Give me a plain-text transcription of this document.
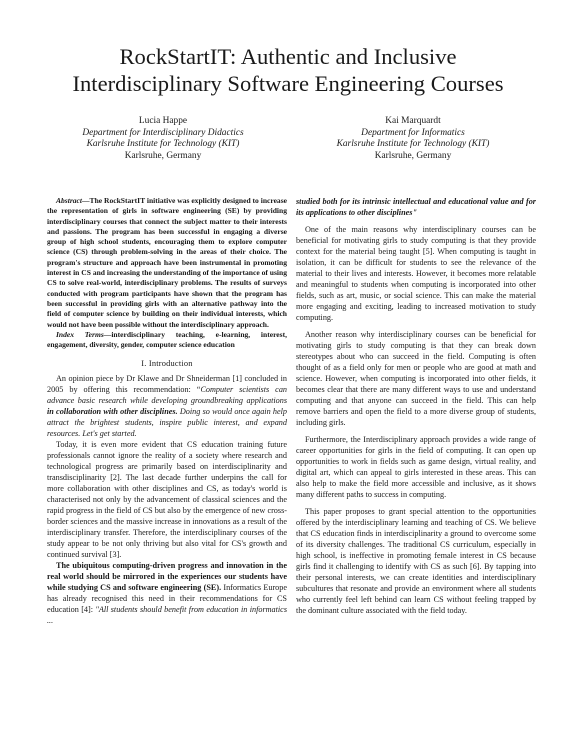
RockStartIT: Authentic and Inclusive
Interdisciplinary Software Engineering Courses
Lucia Happe
Department for Interdisciplinary Didactics
Karlsruhe Institute for Technology (KIT)
Karlsruhe, Germany
Kai Marquardt
Department for Informatics
Karlsruhe Institute for Technology (KIT)
Karlsruhe, Germany

Abstract—The RockStartIT initiative was explicitly designed to increase the representation of girls in software engineering (SE) by providing interdisciplinary courses that connect the subject matter to their interests and passions. The program has been successful in engaging a diverse group of high school students, encouraging them to explore computer science (CS) through problem-solving in the areas of their choice. The program's structure and approach have been instrumental in promoting interest in CS and increasing the understanding of the importance of using CS to solve real-world, interdisciplinary problems. The results of surveys conducted with program participants have shown that the program has been successful in providing girls with an alternative pathway into the field of computer science by building on their individual interests, which would not have been possible without the interdisciplinary approach.

Index Terms—interdisciplinary teaching, e-learning, interest, engagement, diversity, gender, computer science education

I. Introduction

An opinion piece by Dr Klawe and Dr Shneiderman [1] concluded in 2005 by offering this recommendation: “Computer scientists can advance basic research while developing groundbreaking applications in collaboration with other disciplines. Doing so would once again help attract the brightest students, inspire public interest, and expand resources. Let's get started.

Today, it is even more evident that CS education training future professionals cannot ignore the reality of a society where research and technological progress are primarily based on interdisciplinarity and transdisciplinarity [2]. The last decade further underpins the call for more collaboration with other disciplines and CS, as today's world is characterised not only by the advancement of classical sciences and the rapid progress in the field of CS but also by the emergence of new cross-border sciences and the massive increase in innovations as a result of the interdisciplinary transfer. Therefore, the interdisciplinary courses of the study appear to be not only thriving but also vital for CS's growth and continued survival [3].

The ubiquitous computing-driven progress and innovation in the real world should be mirrored in the experiences our students have while studying CS and software engineering (SE). Informatics Europe has already recognised this need in their recommendations for CS education [4]: "All students should benefit from education in informatics ...

studied both for its intrinsic intellectual and educational value and for its applications to other disciplines"

One of the main reasons why interdisciplinary courses can be beneficial for motivating girls to study computing is that they provide context for the material being taught [5]. When computing is taught in isolation, it can be difficult for students to see the relevance of the material to their lives and interests. However, it becomes more relatable and meaningful to students when computing is incorporated into other fields, such as art, music, or social science. This can make the material more engaging and exciting, leading to increased motivation to study computing.

Another reason why interdisciplinary courses can be beneficial for motivating girls to study computing is that they can break down stereotypes about who can succeed in the field. Computing is often thought of as a field only for men or people who are good at math and science. However, when computing is incorporated into other fields, it becomes clear that there are many different ways to use and understand computing and that anyone can succeed in the field. This can help remove barriers and open the field to a more diverse group of students, including girls.

Furthermore, the Interdisciplinary approach provides a wide range of career opportunities for girls in the field of computing. It can open up opportunities to work in fields such as game design, virtual reality, and digital art, which can appeal to girls interested in these areas. This can also help to make the field more accessible and inclusive, as it shows many different paths to success in computing.

This paper proposes to grant special attention to the opportunities offered by the interdisciplinary learning and teaching of CS. We believe that CS education finds in interdisciplinarity a ground to overcome some of its diversity challenges. The traditional CS curriculum, especially in high school, is ineffective in promoting female interest in CS because girls find it challenging to identify with CS as such [6]. By tapping into their personal interests, we can create identities and interdisciplinary subcultures that resonate and provide an environment where all students who currently feel left behind can learn CS without feeling trapped by the dominant culture associated with the field today.
